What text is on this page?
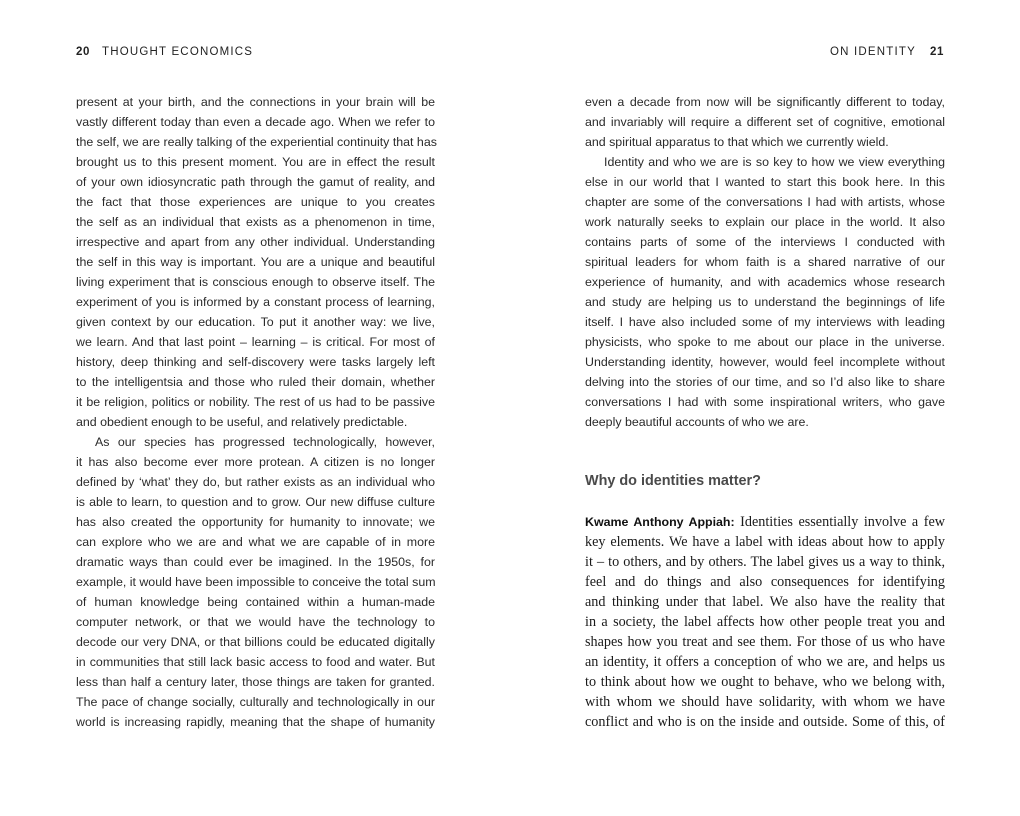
20 THOUGHT ECONOMICS
present at your birth, and the connections in your brain will be
vastly different today than even a decade ago. When we refer to
the self, we are really talking of the experiential continuity that has
brought us to this present moment. You are in effect the result
of your own idiosyncratic path through the gamut of reality, and
the fact that those experiences are unique to you creates
the self as an individual that exists as a phenomenon in time,
irrespective and apart from any other individual. Understanding
the self in this way is important. You are a unique and beautiful
living experiment that is conscious enough to observe itself. The
experiment of you is informed by a constant process of learning,
given context by our education. To put it another way: we live,
we learn. And that last point – learning – is critical. For most of
history, deep thinking and self-discovery were tasks largely left
to the intelligentsia and those who ruled their domain, whether
it be religion, politics or nobility. The rest of us had to be passive
and obedient enough to be useful, and relatively predictable.
As our species has progressed technologically, however,
it has also become ever more protean. A citizen is no longer
defined by ‘what’ they do, but rather exists as an individual who
is able to learn, to question and to grow. Our new diffuse culture
has also created the opportunity for humanity to innovate; we
can explore who we are and what we are capable of in more
dramatic ways than could ever be imagined. In the 1950s, for
example, it would have been impossible to conceive the total sum
of human knowledge being contained within a human-made
computer network, or that we would have the technology to
decode our very DNA, or that billions could be educated digitally
in communities that still lack basic access to food and water. But
less than half a century later, those things are taken for granted.
The pace of change socially, culturally and technologically in our
world is increasing rapidly, meaning that the shape of humanity
ON IDENTITY 21
even a decade from now will be significantly different to today,
and invariably will require a different set of cognitive, emotional
and spiritual apparatus to that which we currently wield.
Identity and who we are is so key to how we view everything
else in our world that I wanted to start this book here. In this
chapter are some of the conversations I had with artists, whose
work naturally seeks to explain our place in the world. It also
contains parts of some of the interviews I conducted with
spiritual leaders for whom faith is a shared narrative of our
experience of humanity, and with academics whose research
and study are helping us to understand the beginnings of life
itself. I have also included some of my interviews with leading
physicists, who spoke to me about our place in the universe.
Understanding identity, however, would feel incomplete without
delving into the stories of our time, and so I’d also like to share
conversations I had with some inspirational writers, who gave
deeply beautiful accounts of who we are.
Why do identities matter?
Kwame Anthony Appiah: Identities essentially involve a few
key elements. We have a label with ideas about how to apply
it – to others, and by others. The label gives us a way to think,
feel and do things and also consequences for identifying
and thinking under that label. We also have the reality that
in a society, the label affects how other people treat you and
shapes how you treat and see them. For those of us who have
an identity, it offers a conception of who we are, and helps us
to think about how we ought to behave, who we belong with,
with whom we should have solidarity, with whom we have
conflict and who is on the inside and outside. Some of this, of
